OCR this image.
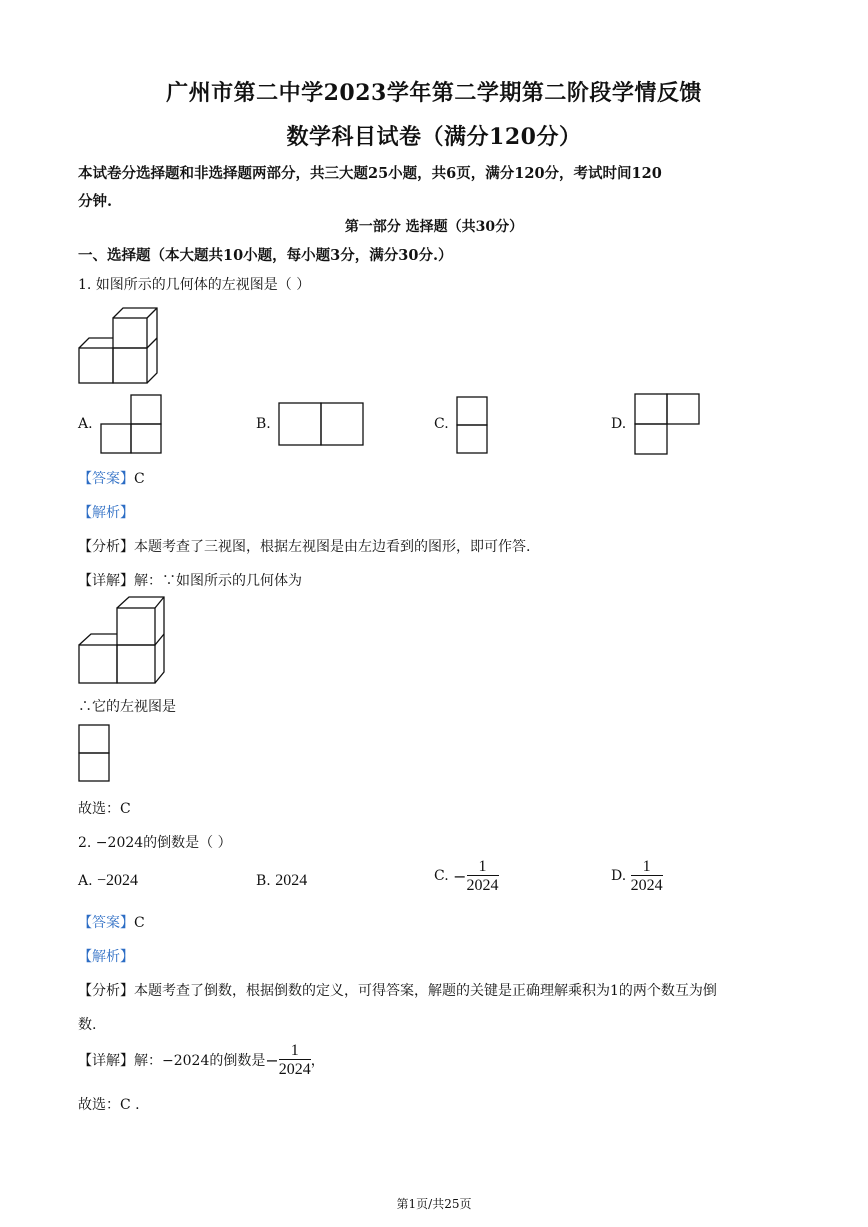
广州市第二中学2023学年第二学期第二阶段学情反馈
数学科目试卷（满分120分）
本试卷分选择题和非选择题两部分，共三大题25小题，共6页，满分120分，考试时间120
分钟.
第一部分 选择题（共30分）
一、选择题（本大题共10小题，每小题3分，满分30分.）
1. 如图所示的几何体的左视图是（ ）
A.	B.	C.	D.
【答案】C
【解析】
【分析】本题考查了三视图，根据左视图是由左边看到的图形，即可作答.
【详解】解：∵如图所示的几何体为
∴它的左视图是
故选：C
2. −2024的倒数是（ ）
A.
−2024	B.
2024	C.
− $\frac{1}{2024}$	D.
$\frac{1}{2024}$
【答案】C
【解析】
【分析】本题考查了倒数，根据倒数的定义，可得答案，解题的关键是正确理解乘积为1的两个数互为倒
数.
【详解】 解：−2024的倒数是 − $\frac{1}{2024}$ ，
故选：C .
第1页/共25页
